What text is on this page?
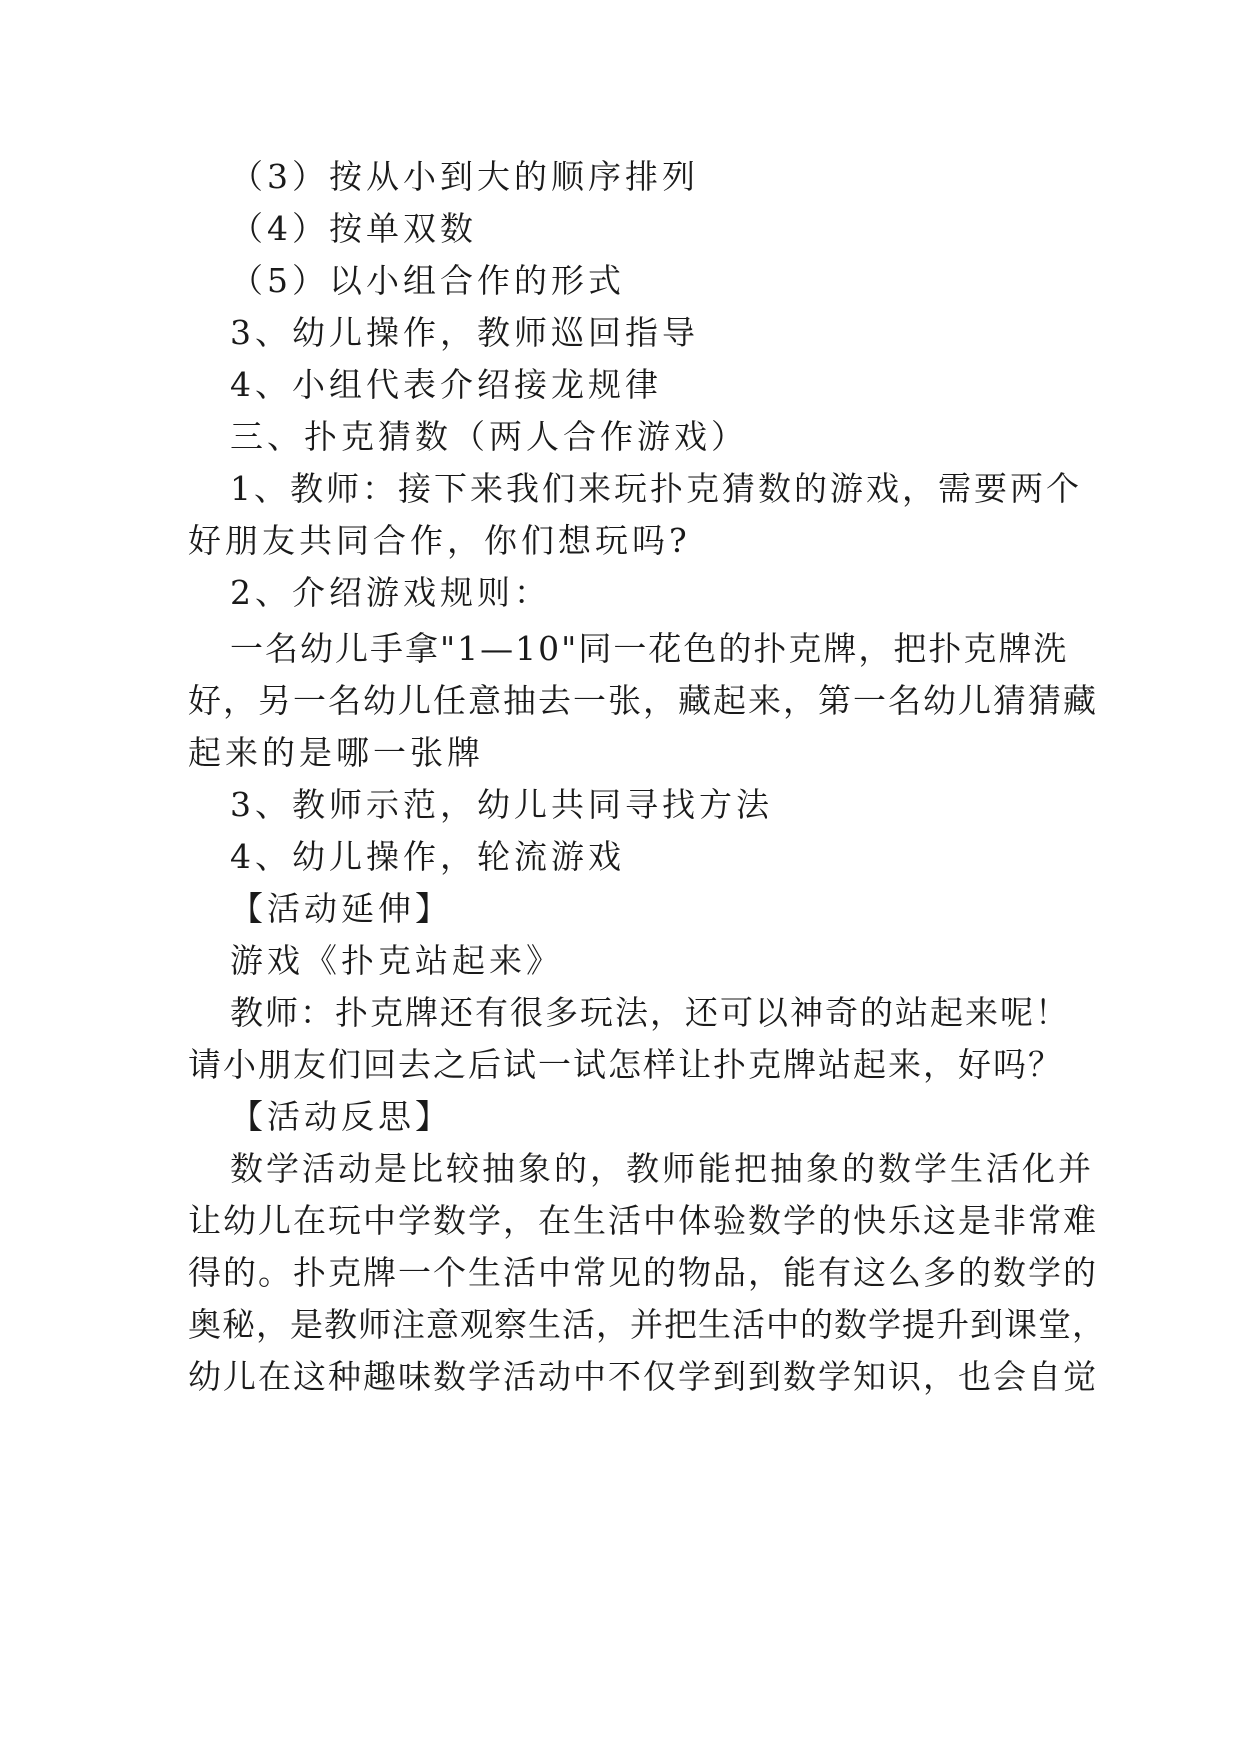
（3）按从小到大的顺序排列
（4）按单双数
（5）以小组合作的形式
3、幼儿操作，教师巡回指导
4、小组代表介绍接龙规律
三、扑克猜数（两人合作游戏）
1、教师：接下来我们来玩扑克猜数的游戏，需要两个
好朋友共同合作，你们想玩吗?
2、介绍游戏规则：
一名幼儿手拿"1—10"同一花色的扑克牌，把扑克牌洗
好，另一名幼儿任意抽去一张，藏起来，第一名幼儿猜猜藏
起来的是哪一张牌
3、教师示范，幼儿共同寻找方法
4、幼儿操作，轮流游戏
【活动延伸】
游戏《扑克站起来》
教师：扑克牌还有很多玩法，还可以神奇的站起来呢！
请小朋友们回去之后试一试怎样让扑克牌站起来，好吗？
【活动反思】
数学活动是比较抽象的，教师能把抽象的数学生活化并
让幼儿在玩中学数学，在生活中体验数学的快乐这是非常难
得的。扑克牌一个生活中常见的物品，能有这么多的数学的
奥秘，是教师注意观察生活，并把生活中的数学提升到课堂，
幼儿在这种趣味数学活动中不仅学到到数学知识，也会自觉
